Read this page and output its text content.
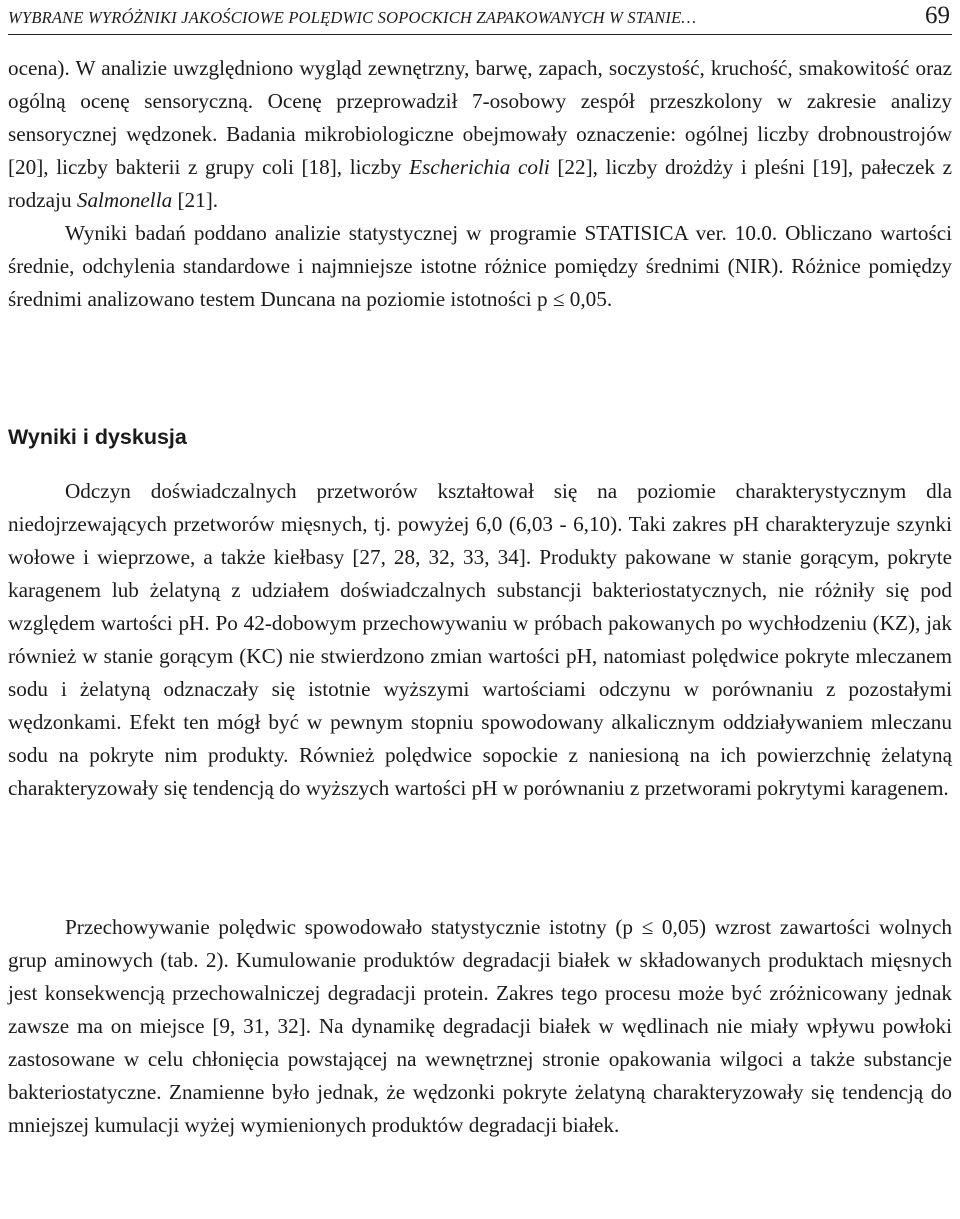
WYBRANE WYRÓŻNIKI JAKOŚCIOWE POLĘDWIC SOPOCKICH ZAPAKOWANYCH W STANIE…	69

ocena). W analizie uwzględniono wygląd zewnętrzny, barwę, zapach, soczystość, kruchość, smakowitość oraz ogólną ocenę sensoryczną. Ocenę przeprowadził 7-osobowy zespół przeszkolony w zakresie analizy sensorycznej wędzonek. Badania mikrobiologiczne obejmowały oznaczenie: ogólnej liczby drobnoustrojów [20], liczby bakterii z grupy coli [18], liczby Escherichia coli [22], liczby drożdży i pleśni [19], pałeczek z rodzaju Salmonella [21].

Wyniki badań poddano analizie statystycznej w programie STATISICA ver. 10.0. Obliczano wartości średnie, odchylenia standardowe i najmniejsze istotne różnice pomiędzy średnimi (NIR). Różnice pomiędzy średnimi analizowano testem Duncana na poziomie istotności p ≤ 0,05.

Wyniki i dyskusja

Odczyn doświadczalnych przetworów kształtował się na poziomie charakterystycznym dla niedojrzewających przetworów mięsnych, tj. powyżej 6,0 (6,03 - 6,10). Taki zakres pH charakteryzuje szynki wołowe i wieprzowe, a także kiełbasy [27, 28, 32, 33, 34]. Produkty pakowane w stanie gorącym, pokryte karagenem lub żelatyną z udziałem doświadczalnych substancji bakteriostatycznych, nie różniły się pod względem wartości pH. Po 42-dobowym przechowywaniu w próbach pakowanych po wychłodzeniu (KZ), jak również w stanie gorącym (KC) nie stwierdzono zmian wartości pH, natomiast polędwice pokryte mleczanem sodu i żelatyną odznaczały się istotnie wyższymi wartościami odczynu w porównaniu z pozostałymi wędzonkami. Efekt ten mógł być w pewnym stopniu spowodowany alkalicznym oddziaływaniem mleczanu sodu na pokryte nim produkty. Również polędwice sopockie z naniesioną na ich powierzchnię żelatyną charakteryzowały się tendencją do wyższych wartości pH w porównaniu z przetworami pokrytymi karagenem.

Przechowywanie polędwic spowodowało statystycznie istotny (p ≤ 0,05) wzrost zawartości wolnych grup aminowych (tab. 2). Kumulowanie produktów degradacji białek w składowanych produktach mięsnych jest konsekwencją przechowalniczej degradacji protein. Zakres tego procesu może być zróżnicowany jednak zawsze ma on miejsce [9, 31, 32]. Na dynamikę degradacji białek w wędlinach nie miały wpływu powłoki zastosowane w celu chłonięcia powstającej na wewnętrznej stronie opakowania wilgoci a także substancje bakteriostatyczne. Znamienne było jednak, że wędzonki pokryte żelatyną charakteryzowały się tendencją do mniejszej kumulacji wyżej wymienionych produktów degradacji białek.
